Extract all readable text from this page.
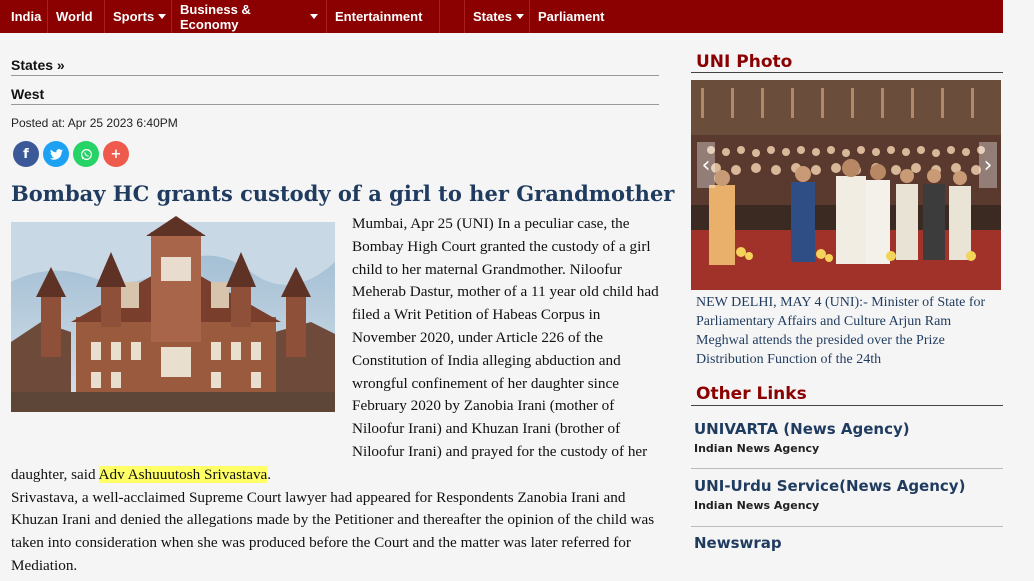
India World Sports Business & Economy	Entertainment	States Parliament
States »
West
Posted at: Apr 25 2023 6:40PM
f	+
Bombay HC grants custody of a girl to her Grandmother
Mumbai, Apr 25 (UNI) In a peculiar case, the Bombay High Court granted the custody of a girl child to her maternal Grandmother. Niloofur Meherab Dastur, mother of a 11 year old child had filed a Writ Petition of Habeas Corpus in November 2020, under Article 226 of the Constitution of India alleging abduction and wrongful confinement of her daughter since February 2020 by Zanobia Irani (mother of Niloofur Irani) and Khuzan Irani (brother of Niloofur Irani) and prayed for the custody of her daughter, said Adv Ashuuutosh Srivastava.
Srivastava, a well-acclaimed Supreme Court lawyer had appeared for Respondents Zanobia Irani and Khuzan Irani and denied the allegations made by the Petitioner and thereafter the opinion of the child was taken into consideration when she was produced before the Court and the matter was later referred for Mediation.
UNI Photo
‹	›
NEW DELHI, MAY 4 (UNI):- Minister of State for Parliamentary Affairs and Culture Arjun Ram Meghwal attends the presided over the Prize Distribution Function of the 24th
Other Links
UNIVARTA (News Agency)
Indian News Agency
UNI-Urdu Service(News Agency)
Indian News Agency
Newswrap
